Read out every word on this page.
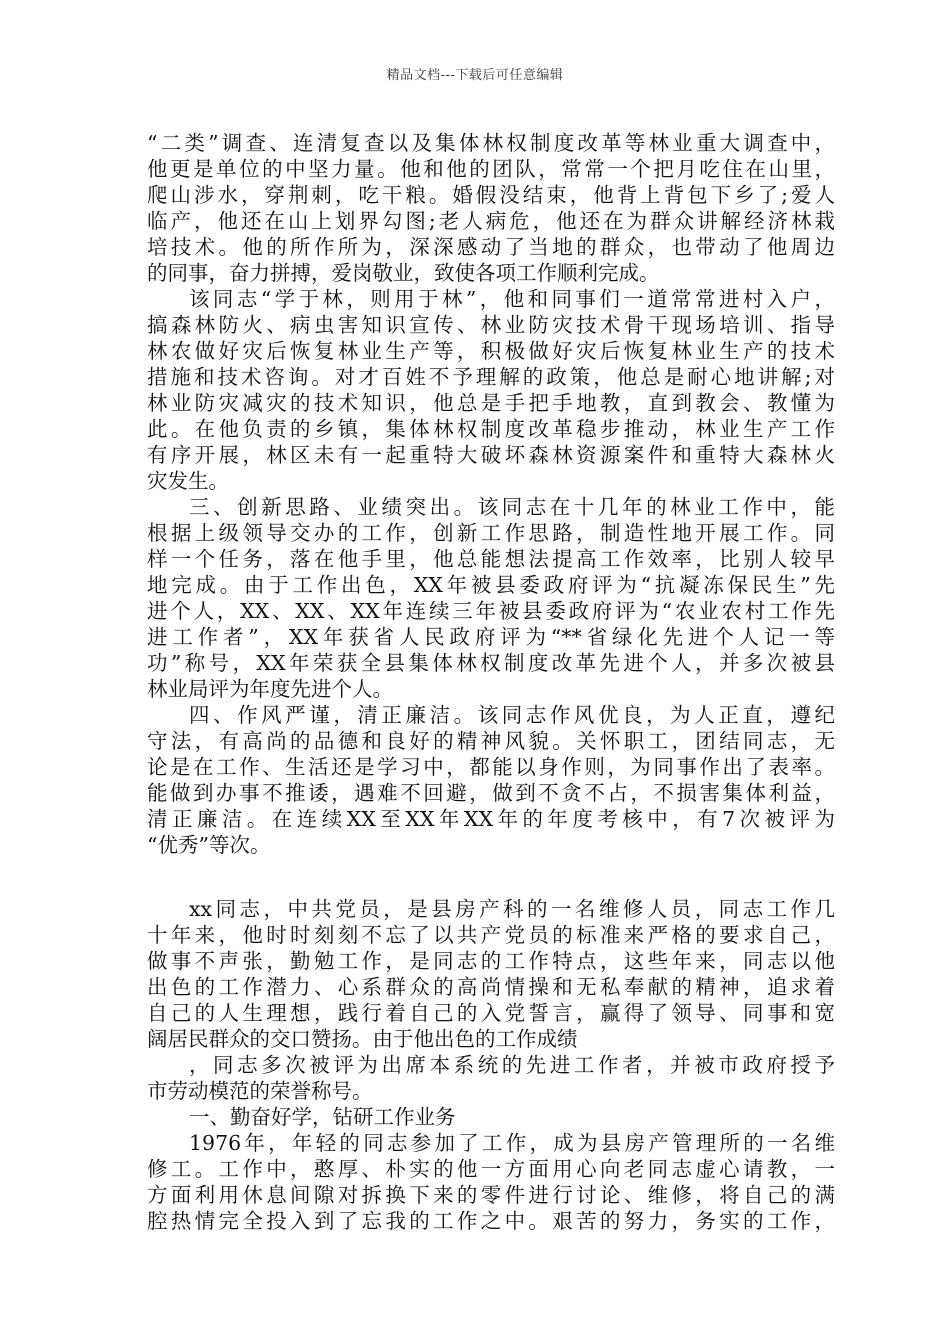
精品文档---下载后可任意编辑
“二类”调查、连清复查以及集体林权制度改革等林业重大调查中，
他更是单位的中坚力量。他和他的团队，常常一个把月吃住在山里，
爬山涉水，穿荆刺，吃干粮。婚假没结束，他背上背包下乡了;爱人
临产，他还在山上划界勾图;老人病危，他还在为群众讲解经济林栽
培技术。他的所作所为，深深感动了当地的群众，也带动了他周边
的同事，奋力拼搏，爱岗敬业，致使各项工作顺利完成。
该同志“学于林，则用于林”，他和同事们一道常常进村入户，
搞森林防火、病虫害知识宣传、林业防灾技术骨干现场培训、指导
林农做好灾后恢复林业生产等，积极做好灾后恢复林业生产的技术
措施和技术咨询。对才百姓不予理解的政策，他总是耐心地讲解;对
林业防灾减灾的技术知识，他总是手把手地教，直到教会、教懂为
此。在他负责的乡镇，集体林权制度改革稳步推动，林业生产工作
有序开展，林区未有一起重特大破坏森林资源案件和重特大森林火
灾发生。
三、创新思路、业绩突出。该同志在十几年的林业工作中，能
根据上级领导交办的工作，创新工作思路，制造性地开展工作。同
样一个任务，落在他手里，他总能想法提高工作效率，比别人较早
地完成。由于工作出色，XX年被县委政府评为“抗凝冻保民生”先
进个人，XX、XX、XX年连续三年被县委政府评为“农业农村工作先
进工作者”，XX年获省人民政府评为“**省绿化先进个人记一等
功”称号，XX年荣获全县集体林权制度改革先进个人，并多次被县
林业局评为年度先进个人。
四、作风严谨，清正廉洁。该同志作风优良，为人正直，遵纪
守法，有高尚的品德和良好的精神风貌。关怀职工，团结同志，无
论是在工作、生活还是学习中，都能以身作则，为同事作出了表率。
能做到办事不推诿，遇难不回避，做到不贪不占，不损害集体利益，
清正廉洁。在连续XX至XX年XX年的年度考核中，有7次被评为
“优秀”等次。
xx同志，中共党员，是县房产科的一名维修人员，同志工作几
十年来，他时时刻刻不忘了以共产党员的标准来严格的要求自己，
做事不声张，勤勉工作，是同志的工作特点，这些年来，同志以他
出色的工作潜力、心系群众的高尚情操和无私奉献的精神，追求着
自己的人生理想，践行着自己的入党誓言，赢得了领导、同事和宽
阔居民群众的交口赞扬。由于他出色的工作成绩
，同志多次被评为出席本系统的先进工作者，并被市政府授予
市劳动模范的荣誉称号。
一、勤奋好学，钻研工作业务
1976年，年轻的同志参加了工作，成为县房产管理所的一名维
修工。工作中，憨厚、朴实的他一方面用心向老同志虚心请教，一
方面利用休息间隙对拆换下来的零件进行讨论、维修，将自己的满
腔热情完全投入到了忘我的工作之中。艰苦的努力，务实的工作，
